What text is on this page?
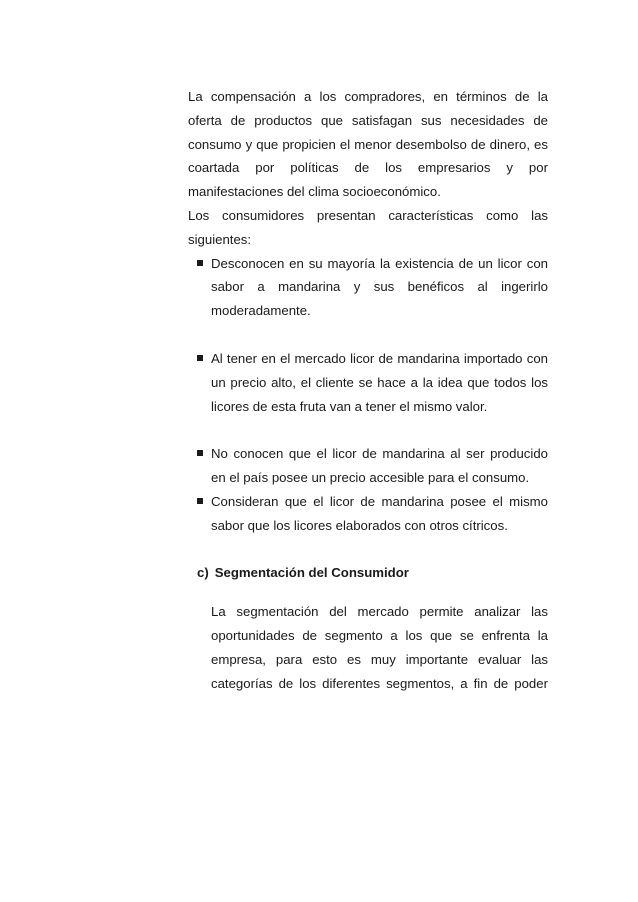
La compensación a los compradores, en términos de la oferta de productos que satisfagan sus necesidades de consumo y que propicien el menor desembolso de dinero, es coartada por políticas de los empresarios y por manifestaciones del clima socioeconómico.

Los consumidores presentan características como las siguientes:

Desconocen en su mayoría la existencia de un licor con sabor a mandarina y sus benéficos al ingerirlo moderadamente.
Al tener en el mercado licor de mandarina importado con un precio alto, el cliente se hace a la idea que todos los licores de esta fruta van a tener el mismo valor.
No conocen que el licor de mandarina al ser producido en el país posee un precio accesible para el consumo.
Consideran que el licor de mandarina posee el mismo sabor que los licores elaborados con otros cítricos.
c) Segmentación del Consumidor

La segmentación del mercado permite analizar las oportunidades de segmento a los que se enfrenta la empresa, para esto es muy importante evaluar las categorías de los diferentes segmentos, a fin de poder
